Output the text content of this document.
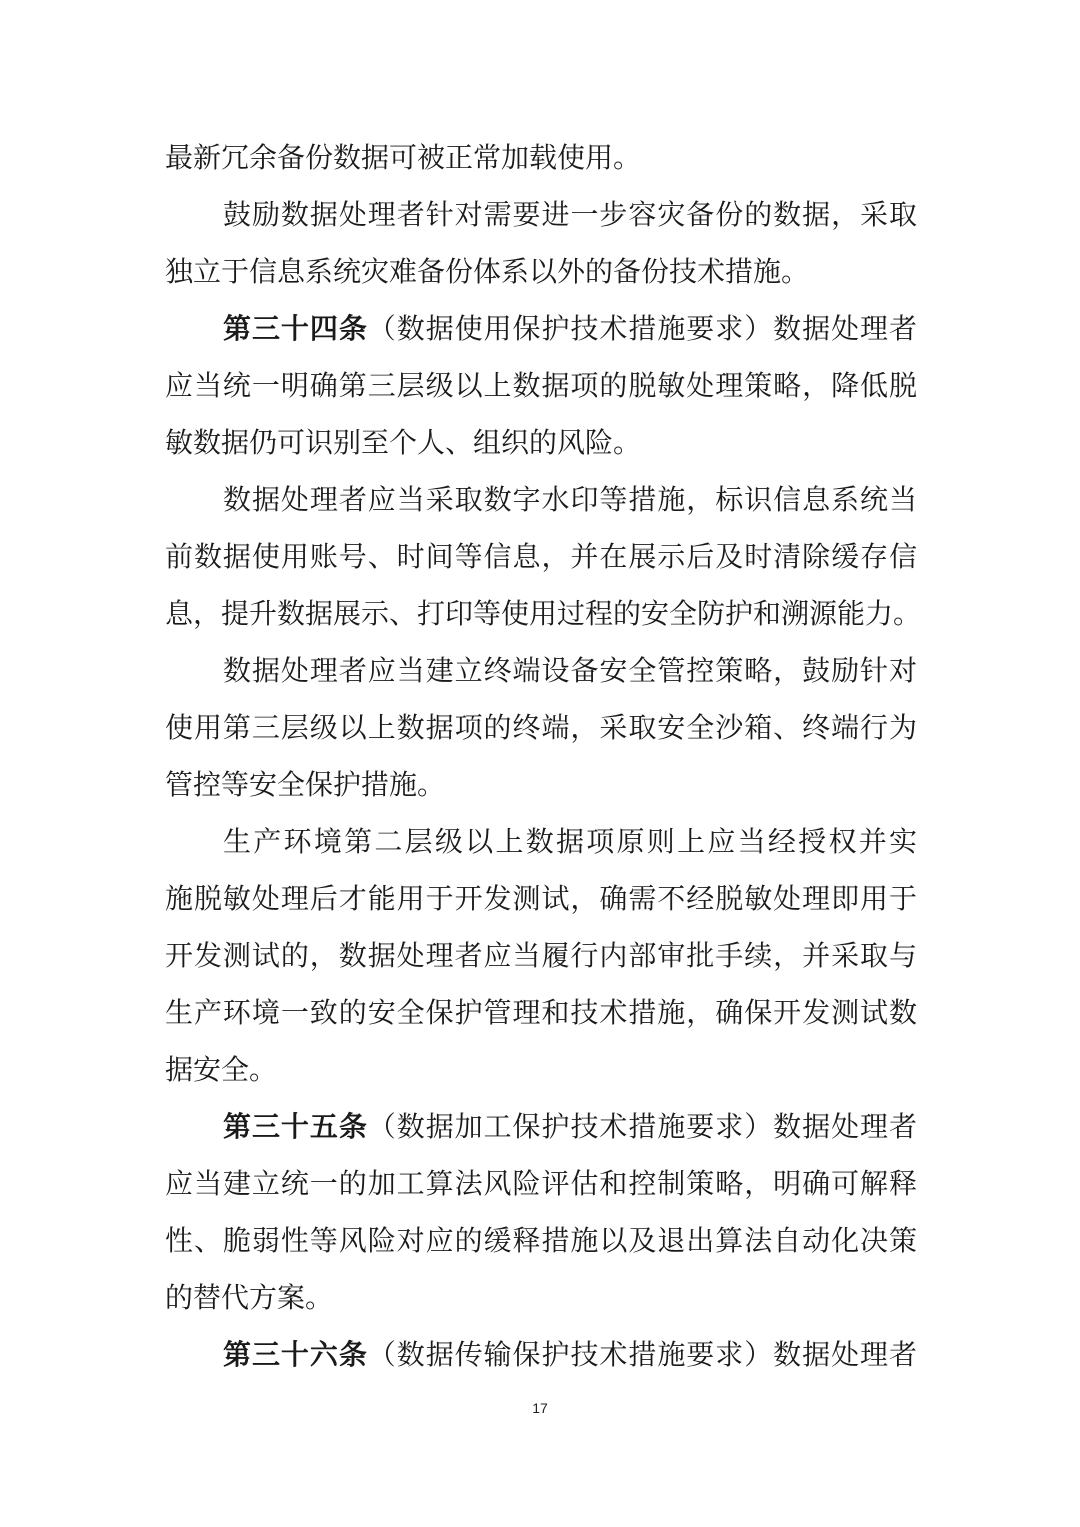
最新冗余备份数据可被正常加载使用。
鼓励数据处理者针对需要进一步容灾备份的数据，采取
独立于信息系统灾难备份体系以外的备份技术措施。
第三十四条（数据使用保护技术措施要求）数据处理者
应当统一明确第三层级以上数据项的脱敏处理策略，降低脱
敏数据仍可识别至个人、组织的风险。
数据处理者应当采取数字水印等措施，标识信息系统当
前数据使用账号、时间等信息，并在展示后及时清除缓存信
息，提升数据展示、打印等使用过程的安全防护和溯源能力。
数据处理者应当建立终端设备安全管控策略，鼓励针对
使用第三层级以上数据项的终端，采取安全沙箱、终端行为
管控等安全保护措施。
生产环境第二层级以上数据项原则上应当经授权并实
施脱敏处理后才能用于开发测试，确需不经脱敏处理即用于
开发测试的，数据处理者应当履行内部审批手续，并采取与
生产环境一致的安全保护管理和技术措施，确保开发测试数
据安全。
第三十五条（数据加工保护技术措施要求）数据处理者
应当建立统一的加工算法风险评估和控制策略，明确可解释
性、脆弱性等风险对应的缓释措施以及退出算法自动化决策
的替代方案。
第三十六条（数据传输保护技术措施要求）数据处理者
17
